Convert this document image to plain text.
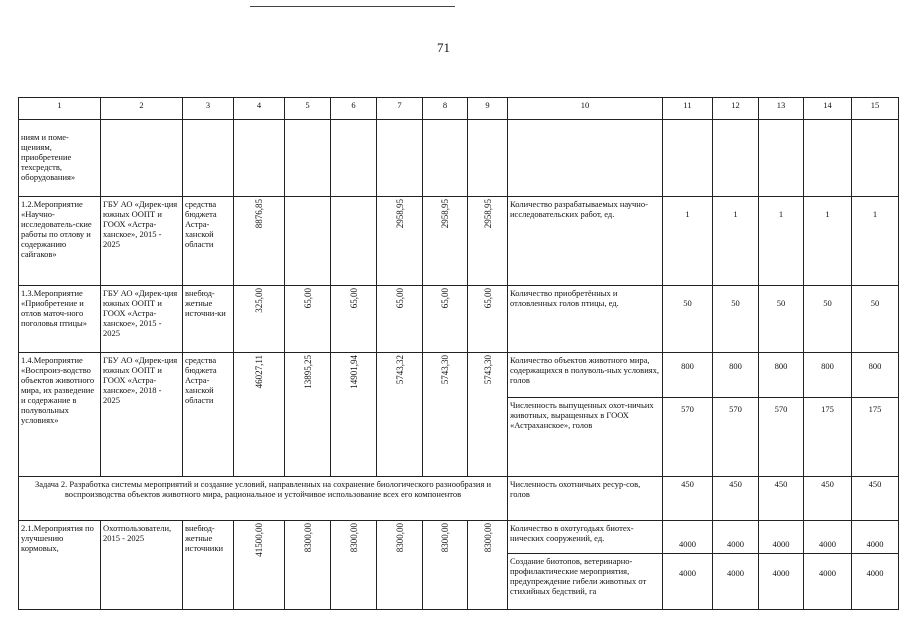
71
1	2	3	4	5	6	7	8	9	10	11	12	13	14	15
ниям и поме-щениям, приобретение техсредств, оборудования»														
1.2.Мероприятие «Научно-исследователь-ские работы по отлову и содержанию сайгаков»	ГБУ АО «Дирек-ция южных ООПТ и ГООХ «Астра-ханское», 2015 - 2025	средства бюджета Астра-ханской области	8876,85			2958,95	2958,95	2958,95	Количество разрабатываемых научно-исследовательских работ, ед.	1	1	1	1	1
1.3.Мероприятие «Приобретение и отлов маточ-ного поголовья птицы»	ГБУ АО «Дирек-ция южных ООПТ и ГООХ «Астра-ханское», 2015 - 2025	внебюд-жетные источни-ки	325,00	65,00	65,00	65,00	65,00	65,00	Количество приобретённых и отловленных голов птицы, ед.	50	50	50	50	50
1.4.Мероприятие «Воспроиз-водство объектов животного мира, их разведение и содержание в полувольных условиях»	ГБУ АО «Дирек-ция южных ООПТ и ГООХ «Астра-ханское», 2018 - 2025	средства бюджета Астра-ханской области	46027,11	13895,25	14901,94	5743,32	5743,30	5743,30	Количество объектов животного мира, содержащихся в полуволь-ных условиях, голов	800	800	800	800	800
									Численность выпущенных охот-ничьих животных, выращенных в ГООХ «Астраханское», голов	570	570	570	175	175
Задача 2. Разработка системы мероприятий и создание условий, направленных на сохранение биологического разнообразия и воспроизводства объектов животного мира, рациональное и устойчивое использование всех его компонентов									Численность охотничьих ресур-сов, голов	450	450	450	450	450
2.1.Мероприятия по улучшению кормовых,	Охотпользователи, 2015 - 2025	внебюд-жетные источники	41500,00	8300,00	8300,00	8300,00	8300,00	8300,00	Количество в охотугодьях биотех-нических сооружений, ед.	4000	4000	4000	4000	4000
									Создание биотопов, ветеринарно-профилактические мероприятия, предупреждение гибели животных от стихийных бедствий, га	4000	4000	4000	4000	4000
